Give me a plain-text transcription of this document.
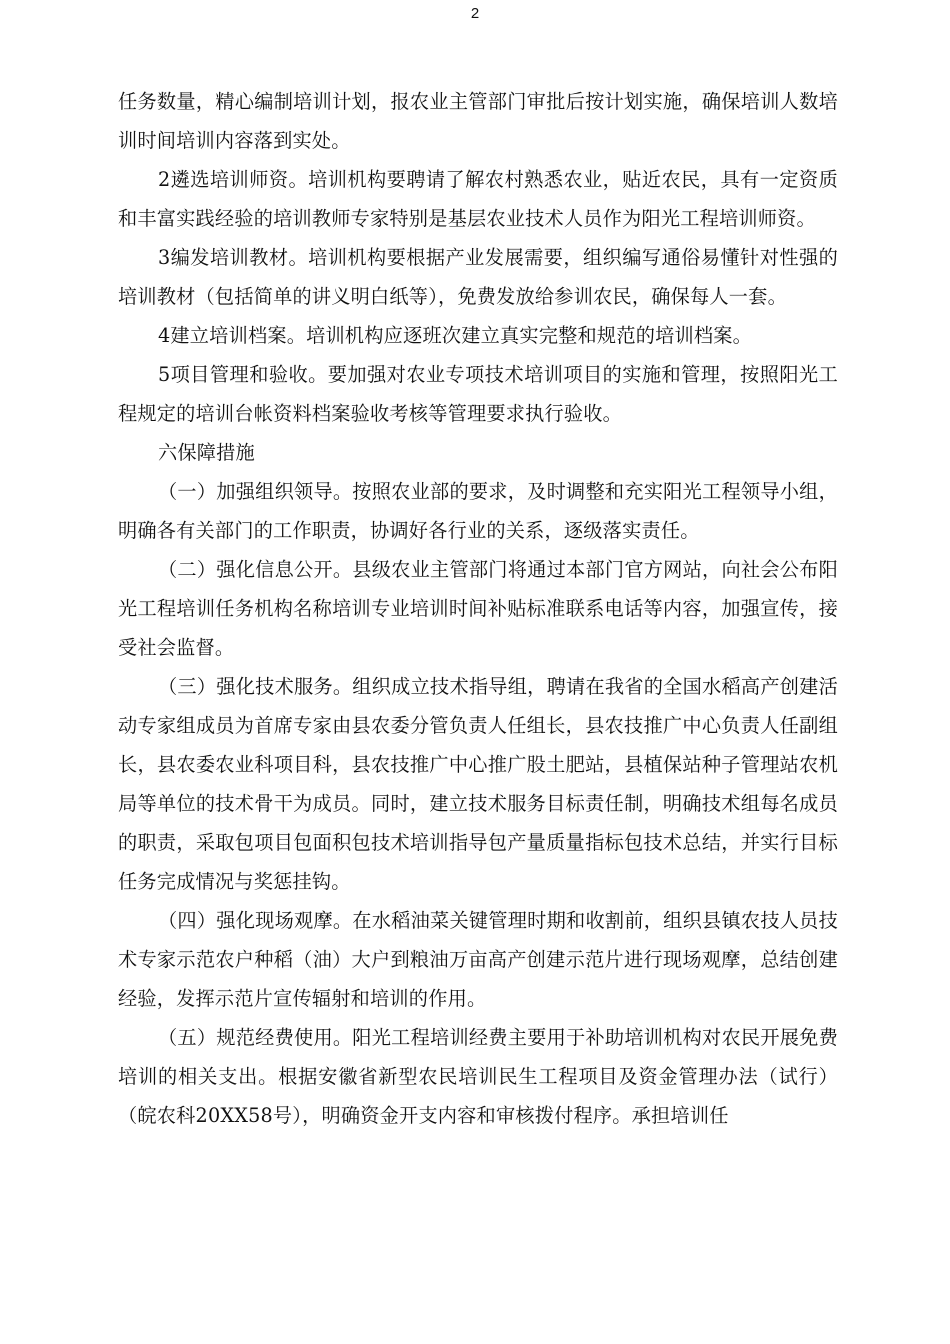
2

任务数量，精心编制培训计划，报农业主管部门审批后按计划实施，确保培训人数培训时间培训内容落到实处。

2遴选培训师资。培训机构要聘请了解农村熟悉农业，贴近农民，具有一定资质和丰富实践经验的培训教师专家特别是基层农业技术人员作为阳光工程培训师资。

3编发培训教材。培训机构要根据产业发展需要，组织编写通俗易懂针对性强的培训教材（包括简单的讲义明白纸等），免费发放给参训农民，确保每人一套。

4建立培训档案。培训机构应逐班次建立真实完整和规范的培训档案。

5项目管理和验收。要加强对农业专项技术培训项目的实施和管理，按照阳光工程规定的培训台帐资料档案验收考核等管理要求执行验收。

六保障措施

（一）加强组织领导。按照农业部的要求，及时调整和充实阳光工程领导小组，明确各有关部门的工作职责，协调好各行业的关系，逐级落实责任。

（二）强化信息公开。县级农业主管部门将通过本部门官方网站，向社会公布阳光工程培训任务机构名称培训专业培训时间补贴标准联系电话等内容，加强宣传，接受社会监督。

（三）强化技术服务。组织成立技术指导组，聘请在我省的全国水稻高产创建活动专家组成员为首席专家由县农委分管负责人任组长，县农技推广中心负责人任副组长，县农委农业科项目科，县农技推广中心推广股土肥站，县植保站种子管理站农机局等单位的技术骨干为成员。同时，建立技术服务目标责任制，明确技术组每名成员的职责，采取包项目包面积包技术培训指导包产量质量指标包技术总结，并实行目标任务完成情况与奖惩挂钩。

（四）强化现场观摩。在水稻油菜关键管理时期和收割前，组织县镇农技人员技术专家示范农户种稻（油）大户到粮油万亩高产创建示范片进行现场观摩，总结创建经验，发挥示范片宣传辐射和培训的作用。

（五）规范经费使用。阳光工程培训经费主要用于补助培训机构对农民开展免费培训的相关支出。根据安徽省新型农民培训民生工程项目及资金管理办法（试行）（皖农科20XX58号），明确资金开支内容和审核拨付程序。承担培训任
